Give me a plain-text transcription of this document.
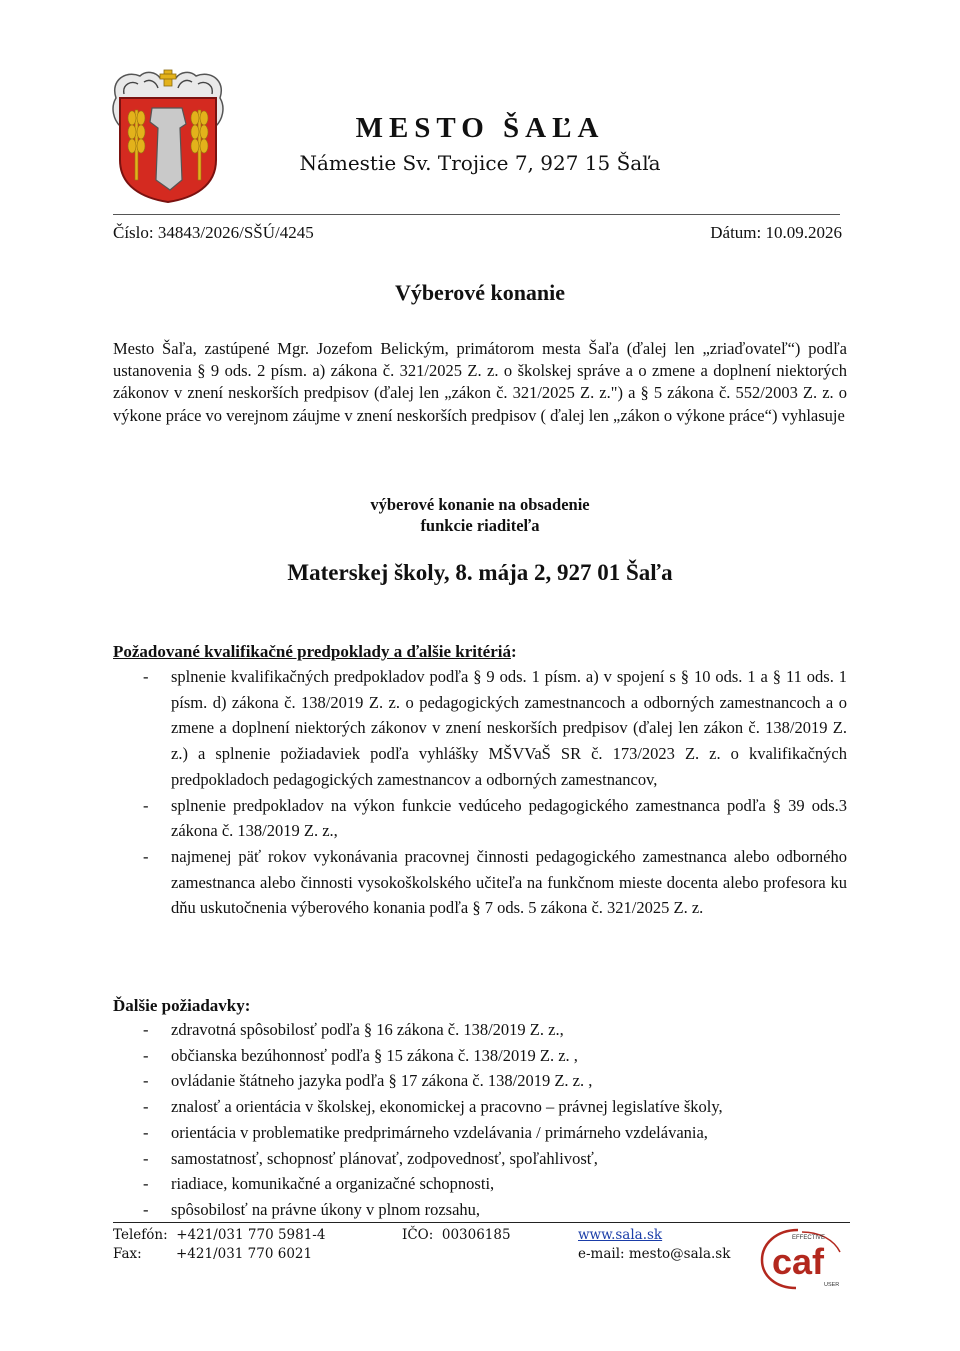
MESTO ŠAĽA
Námestie Sv. Trojice 7, 927 15 Šaľa
Číslo: 34843/2026/SŠÚ/4245	Dátum: 10.09.2026
Výberové konanie
Mesto Šaľa, zastúpené Mgr. Jozefom Belickým, primátorom mesta Šaľa (ďalej len „zriaďovateľ“) podľa ustanovenia § 9 ods. 2 písm. a) zákona č. 321/2025 Z. z. o školskej správe a o zmene a doplnení niektorých zákonov v znení neskorších predpisov (ďalej len „zákon č. 321/2025 Z. z.") a § 5 zákona č. 552/2003 Z. z. o výkone práce vo verejnom záujme v znení neskorších predpisov ( ďalej len „zákon o výkone práce“) vyhlasuje
výberové konanie na obsadenie
funkcie riaditeľa
Materskej školy, 8. mája 2, 927 01 Šaľa
Požadované kvalifikačné predpoklady a ďalšie kritériá:
- splnenie kvalifikačných predpokladov podľa § 9 ods. 1 písm. a) v spojení s § 10 ods. 1 a § 11 ods. 1 písm. d) zákona č. 138/2019 Z. z. o pedagogických zamestnancoch a odborných zamestnancoch a o zmene a doplnení niektorých zákonov v znení neskorších predpisov (ďalej len zákon č. 138/2019 Z. z.) a splnenie požiadaviek podľa vyhlášky MŠVVaŠ SR č. 173/2023 Z. z. o kvalifikačných predpokladoch pedagogických zamestnancov a odborných zamestnancov,
- splnenie predpokladov na výkon funkcie vedúceho pedagogického zamestnanca podľa § 39 ods.3 zákona č. 138/2019 Z. z.,
- najmenej päť rokov vykonávania pracovnej činnosti pedagogického zamestnanca alebo odborného zamestnanca alebo činnosti vysokoškolského učiteľa na funkčnom mieste docenta alebo profesora ku dňu uskutočnenia výberového konania podľa § 7 ods. 5 zákona č. 321/2025 Z. z.
Ďalšie požiadavky:
- zdravotná spôsobilosť podľa § 16 zákona č. 138/2019 Z. z.,
- občianska bezúhonnosť podľa § 15 zákona č. 138/2019 Z. z. ,
- ovládanie štátneho jazyka podľa § 17 zákona č. 138/2019 Z. z. ,
- znalosť a orientácia v školskej, ekonomickej a pracovno – právnej legislatíve školy,
- orientácia v problematike predprimárneho vzdelávania / primárneho vzdelávania,
- samostatnosť, schopnosť plánovať, zodpovednosť, spoľahlivosť,
- riadiace, komunikačné a organizačné schopnosti,
- spôsobilosť na právne úkony v plnom rozsahu,
Telefón:  +421/031 770 5981-4
Fax:        +421/031 770 6021
IČO:  00306185	www.sala.sk
e-mail: mesto@sala.sk
EFFECTIVE
caf
USER
